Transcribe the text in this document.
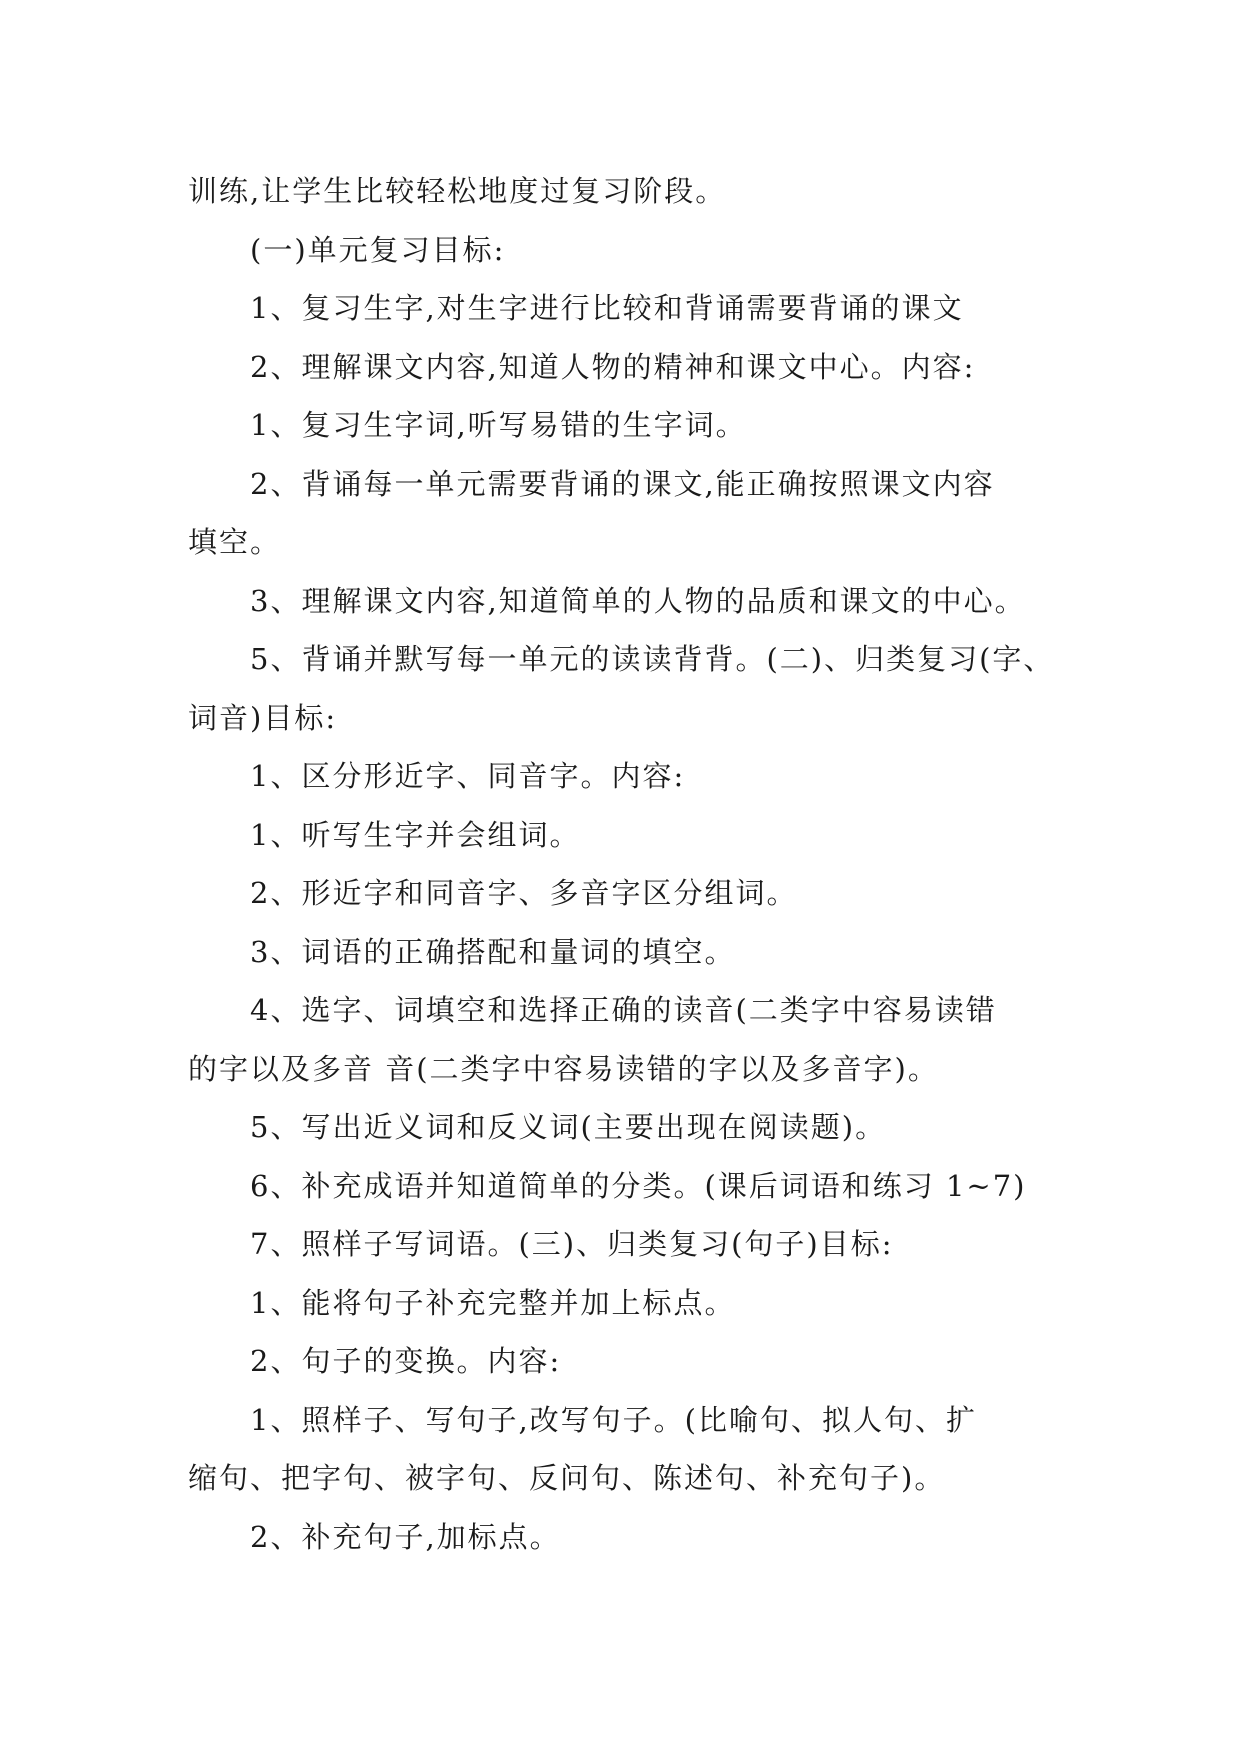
训练,让学生比较轻松地度过复习阶段。
(一)单元复习目标:
1、复习生字,对生字进行比较和背诵需要背诵的课文
2、理解课文内容,知道人物的精神和课文中心。内容:
1、复习生字词,听写易错的生字词。
2、背诵每一单元需要背诵的课文,能正确按照课文内容
填空。
3、理解课文内容,知道简单的人物的品质和课文的中心。
5、背诵并默写每一单元的读读背背。(二)、归类复习(字、
词音)目标:
1、区分形近字、同音字。内容:
1、听写生字并会组词。
2、形近字和同音字、多音字区分组词。
3、词语的正确搭配和量词的填空。
4、选字、词填空和选择正确的读音(二类字中容易读错
的字以及多音 音(二类字中容易读错的字以及多音字)。
5、写出近义词和反义词(主要出现在阅读题)。
6、补充成语并知道简单的分类。(课后词语和练习 1~7)
7、照样子写词语。(三)、归类复习(句子)目标:
1、能将句子补充完整并加上标点。
2、句子的变换。内容:
1、照样子、写句子,改写句子。(比喻句、拟人句、扩
缩句、把字句、被字句、反问句、陈述句、补充句子)。
2、补充句子,加标点。
